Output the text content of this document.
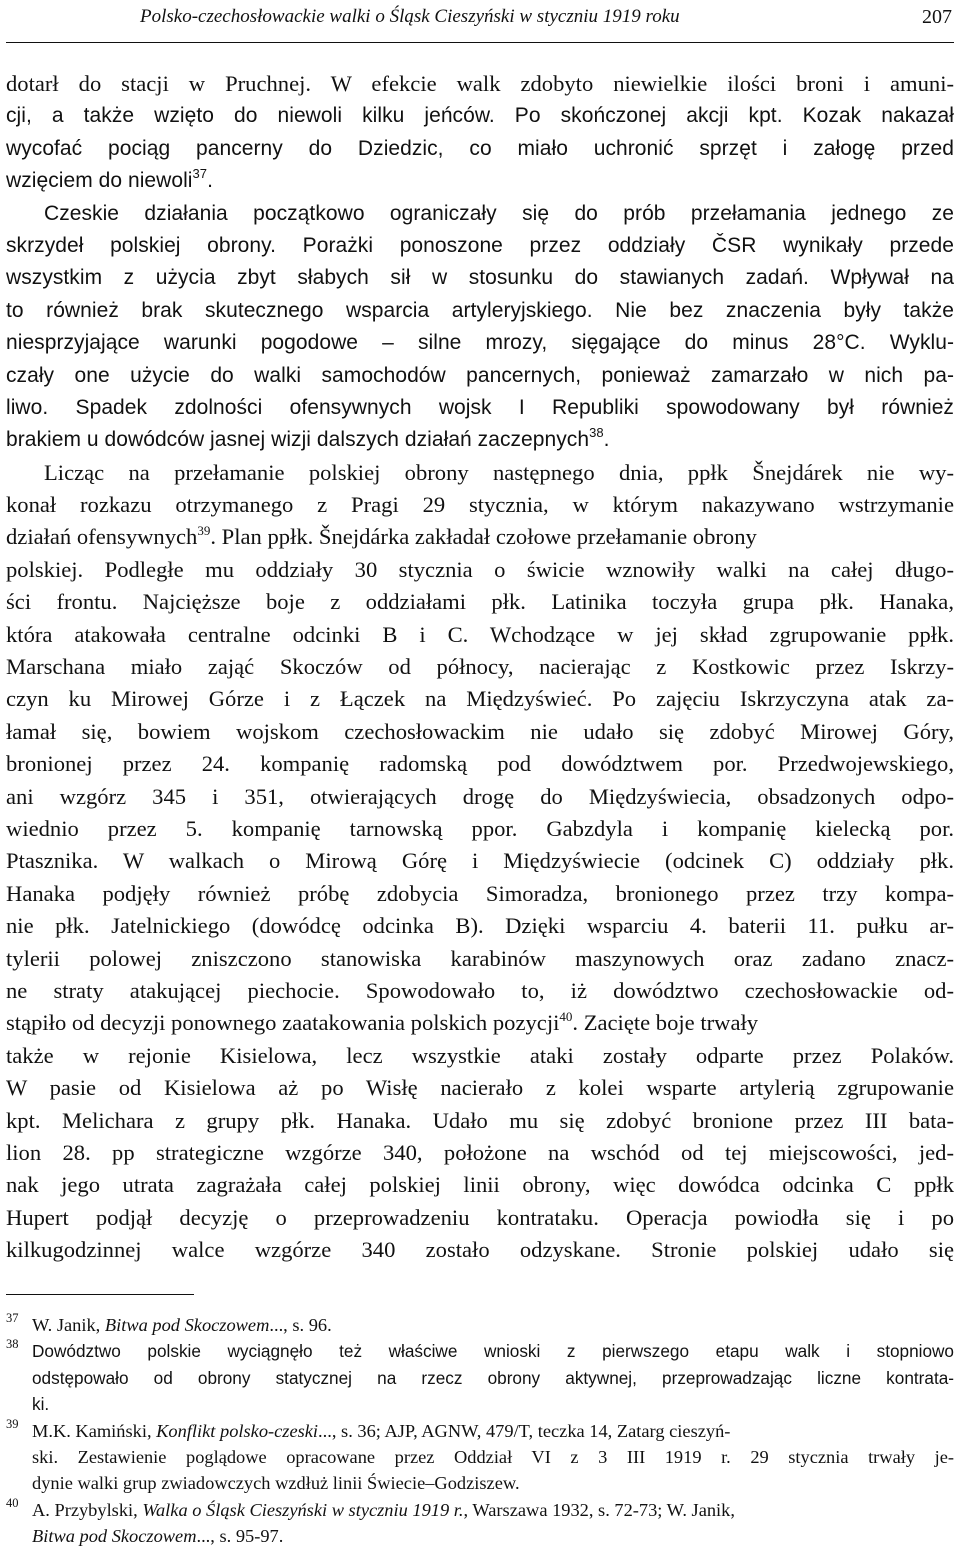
Polsko-czechosłowackie walki o Śląsk Cieszyński w styczniu 1919 roku	207
dotarł do stacji w Pruchnej. W efekcie walk zdobyto niewielkie ilości broni i amuni-
cji, a także wzięto do niewoli kilku jeńców. Po skończonej akcji kpt. Kozak nakazał
wycofać pociąg pancerny do Dziedzic, co miało uchronić sprzęt i załogę przed
wzięciem do niewoli$^{37}$.
Czeskie działania początkowo ograniczały się do prób przełamania jednego ze
skrzydeł polskiej obrony. Porażki ponoszone przez oddziały ČSR wynikały przede
wszystkim z użycia zbyt słabych sił w stosunku do stawianych zadań. Wpływał na
to również brak skutecznego wsparcia artyleryjskiego. Nie bez znaczenia były także
niesprzyjające warunki pogodowe – silne mrozy, sięgające do minus 28°C. Wyklu-
czały one użycie do walki samochodów pancernych, ponieważ zamarzało w nich pa-
liwo. Spadek zdolności ofensywnych wojsk I Republiki spowodowany był również
brakiem u dowódców jasnej wizji dalszych działań zaczepnych$^{38}$.
Licząc na przełamanie polskiej obrony następnego dnia, ppłk Šnejdárek nie wy-
konał rozkazu otrzymanego z Pragi 29 stycznia, w którym nakazywano wstrzymanie
działań ofensywnych$^{39}$. Plan ppłk. Šnejdárka zakładał czołowe przełamanie obrony
polskiej. Podległe mu oddziały 30 stycznia o świcie wznowiły walki na całej długo-
ści frontu. Najcięższe boje z oddziałami płk. Latinika toczyła grupa płk. Hanaka,
która atakowała centralne odcinki B i C. Wchodzące w jej skład zgrupowanie ppłk.
Marschana miało zająć Skoczów od północy, nacierając z Kostkowic przez Iskrzy-
czyn ku Mirowej Górze i z Łączek na Międzyświeć. Po zajęciu Iskrzyczyna atak za-
łamał się, bowiem wojskom czechosłowackim nie udało się zdobyć Mirowej Góry,
bronionej przez 24. kompanię radomską pod dowództwem por. Przedwojewskiego,
ani wzgórz 345 i 351, otwierających drogę do Międzyświecia, obsadzonych odpo-
wiednio przez 5. kompanię tarnowską ppor. Gabzdyla i kompanię kielecką por.
Ptasznika. W walkach o Mirową Górę i Międzyświecie (odcinek C) oddziały płk.
Hanaka podjęły również próbę zdobycia Simoradza, bronionego przez trzy kompa-
nie płk. Jatelnickiego (dowódcę odcinka B). Dzięki wsparciu 4. baterii 11. pułku ar-
tylerii polowej zniszczono stanowiska karabinów maszynowych oraz zadano znacz-
ne straty atakującej piechocie. Spowodowało to, iż dowództwo czechosłowackie od-
stąpiło od decyzji ponownego zaatakowania polskich pozycji$^{40}$. Zacięte boje trwały
także w rejonie Kisielowa, lecz wszystkie ataki zostały odparte przez Polaków.
W pasie od Kisielowa aż po Wisłę nacierało z kolei wsparte artylerią zgrupowanie
kpt. Melichara z grupy płk. Hanaka. Udało mu się zdobyć bronione przez III bata-
lion 28. pp strategiczne wzgórze 340, położone na wschód od tej miejscowości, jed-
nak jego utrata zagrażała całej polskiej linii obrony, więc dowódca odcinka C ppłk
Hupert podjął decyzję o przeprowadzeniu kontrataku. Operacja powiodła się i po
kilkugodzinnej walce wzgórze 340 zostało odzyskane. Stronie polskiej udało się
37 W. Janik, Bitwa pod Skoczowem..., s. 96.
38 Dowództwo polskie wyciągnęło też właściwe wnioski z pierwszego etapu walk i stopniowo
odstępowało od obrony statycznej na rzecz obrony aktywnej, przeprowadzając liczne kontrata-
ki.
39 M.K. Kamiński, Konflikt polsko-czeski..., s. 36; AJP, AGNW, 479/T, teczka 14, Zatarg cieszyń-
ski. Zestawienie poglądowe opracowane przez Oddział VI z 3 III 1919 r. 29 stycznia trwały je-
dynie walki grup zwiadowczych wzdłuż linii Świecie–Godziszew.
40 A. Przybylski, Walka o Śląsk Cieszyński w styczniu 1919 r., Warszawa 1932, s. 72-73; W. Janik,
Bitwa pod Skoczowem..., s. 95-97.
